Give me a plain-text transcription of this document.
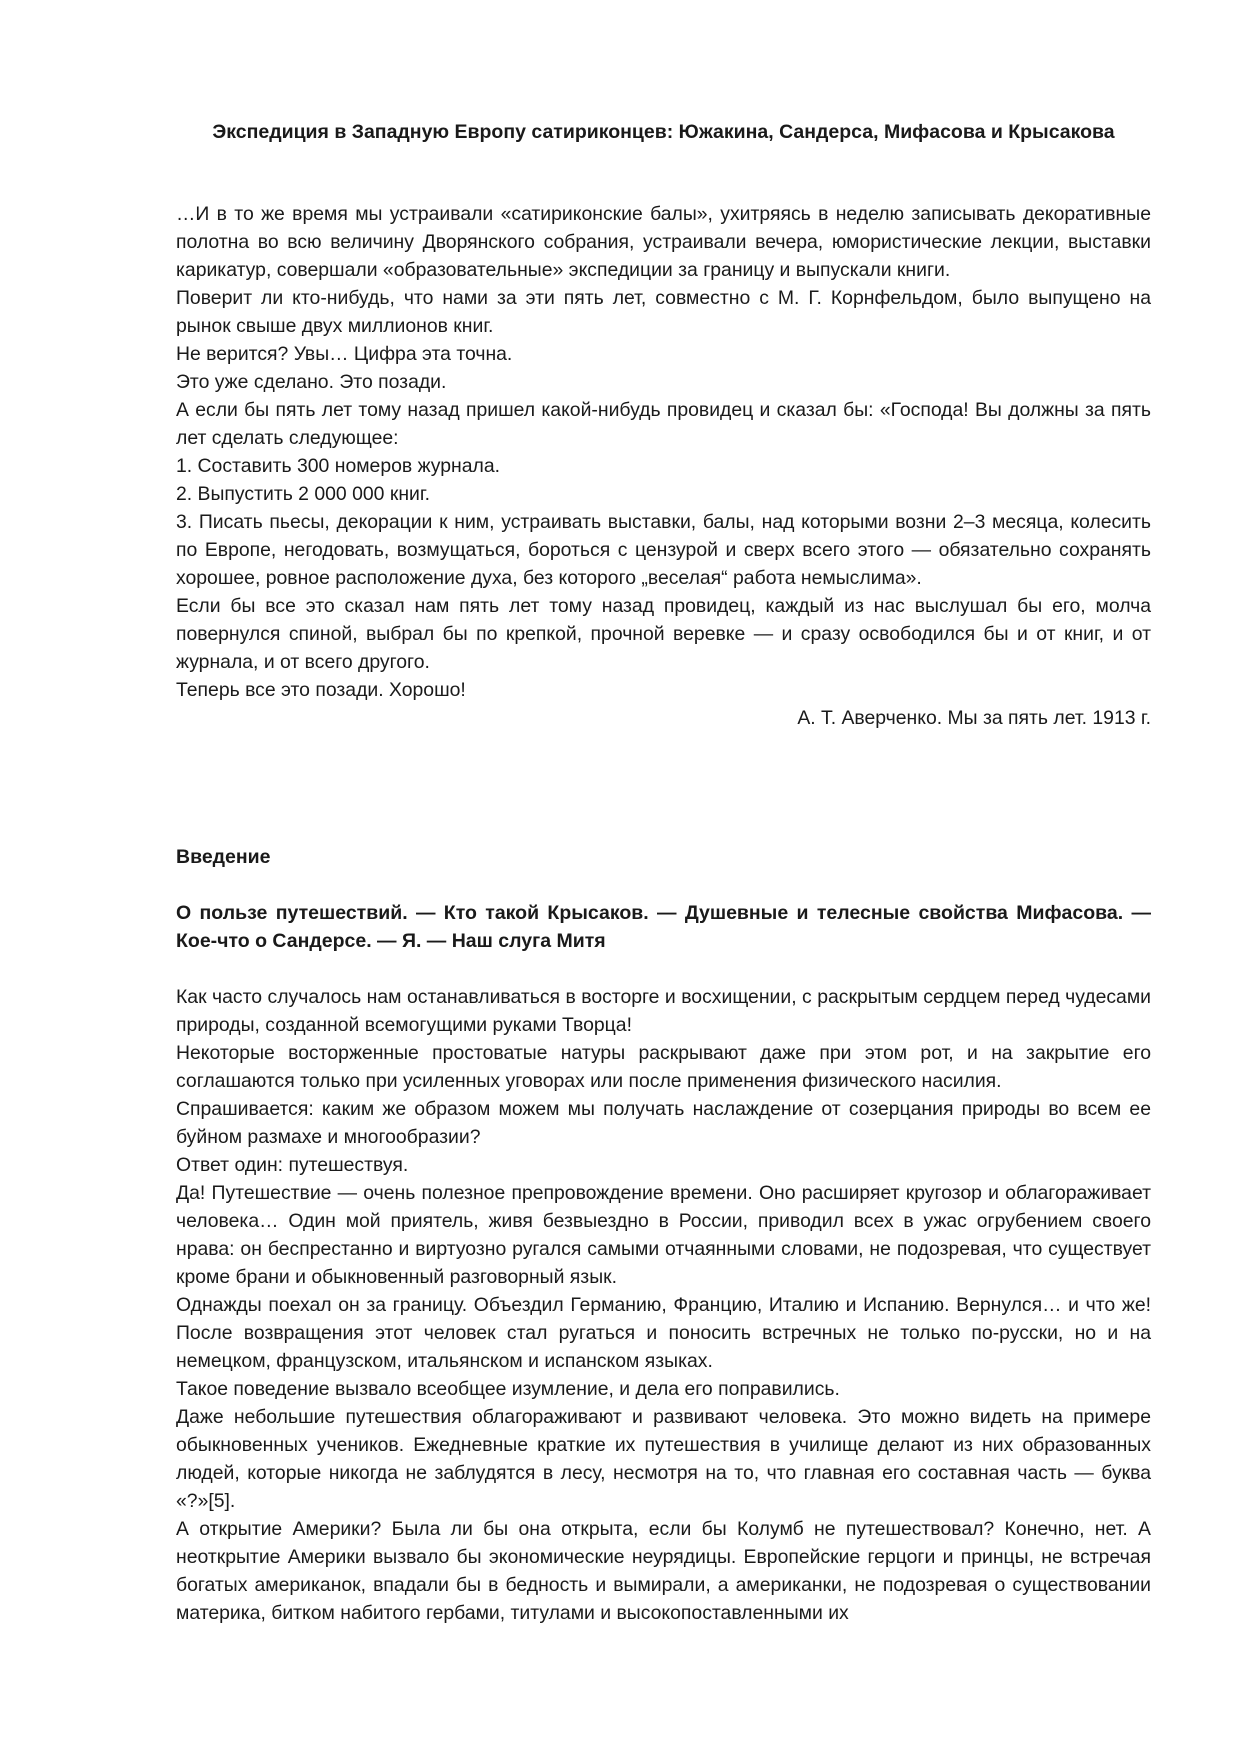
Экспедиция в Западную Европу сатириконцев: Южакина, Сандерса, Мифасова и Крысакова

…И в то же время мы устраивали «сатириконские балы», ухитряясь в неделю записывать декоративные полотна во всю величину Дворянского собрания, устраивали вечера, юмористические лекции, выставки карикатур, совершали «образовательные» экспедиции за границу и выпускали книги.

Поверит ли кто-нибудь, что нами за эти пять лет, совместно с М. Г. Корнфельдом, было выпущено на рынок свыше двух миллионов книг.

Не верится? Увы… Цифра эта точна.

Это уже сделано. Это позади.

А если бы пять лет тому назад пришел какой-нибудь провидец и сказал бы: «Господа! Вы должны за пять лет сделать следующее:

1. Составить 300 номеров журнала.

2. Выпустить 2 000 000 книг.

3. Писать пьесы, декорации к ним, устраивать выставки, балы, над которыми возни 2–3 месяца, колесить по Европе, негодовать, возмущаться, бороться с цензурой и сверх всего этого — обязательно сохранять хорошее, ровное расположение духа, без которого „веселая“ работа немыслима».

Если бы все это сказал нам пять лет тому назад провидец, каждый из нас выслушал бы его, молча повернулся спиной, выбрал бы по крепкой, прочной веревке — и сразу освободился бы и от книг, и от журнала, и от всего другого.

Теперь все это позади. Хорошо!

А. Т. Аверченко. Мы за пять лет. 1913 г.

Введение
О пользе путешествий. — Кто такой Крысаков. — Душевные и телесные свойства Мифасова. — Кое-что о Сандерсе. — Я. — Наш слуга Митя

Как часто случалось нам останавливаться в восторге и восхищении, с раскрытым сердцем перед чудесами природы, созданной всемогущими руками Творца!

Некоторые восторженные простоватые натуры раскрывают даже при этом рот, и на закрытие его соглашаются только при усиленных уговорах или после применения физического насилия.

Спрашивается: каким же образом можем мы получать наслаждение от созерцания природы во всем ее буйном размахе и многообразии?

Ответ один: путешествуя.

Да! Путешествие — очень полезное препровождение времени. Оно расширяет кругозор и облагораживает человека… Один мой приятель, живя безвыездно в России, приводил всех в ужас огрубением своего нрава: он беспрестанно и виртуозно ругался самыми отчаянными словами, не подозревая, что существует кроме брани и обыкновенный разговорный язык.

Однажды поехал он за границу. Объездил Германию, Францию, Италию и Испанию. Вернулся… и что же! После возвращения этот человек стал ругаться и поносить встречных не только по-русски, но и на немецком, французском, итальянском и испанском языках.

Такое поведение вызвало всеобщее изумление, и дела его поправились.

Даже небольшие путешествия облагораживают и развивают человека. Это можно видеть на примере обыкновенных учеников. Ежедневные краткие их путешествия в училище делают из них образованных людей, которые никогда не заблудятся в лесу, несмотря на то, что главная его составная часть — буква «?»[5].

А открытие Америки? Была ли бы она открыта, если бы Колумб не путешествовал? Конечно, нет. А неоткрытие Америки вызвало бы экономические неурядицы. Европейские герцоги и принцы, не встречая богатых американок, впадали бы в бедность и вымирали, а американки, не подозревая о существовании материка, битком набитого гербами, титулами и высокопоставленными их
